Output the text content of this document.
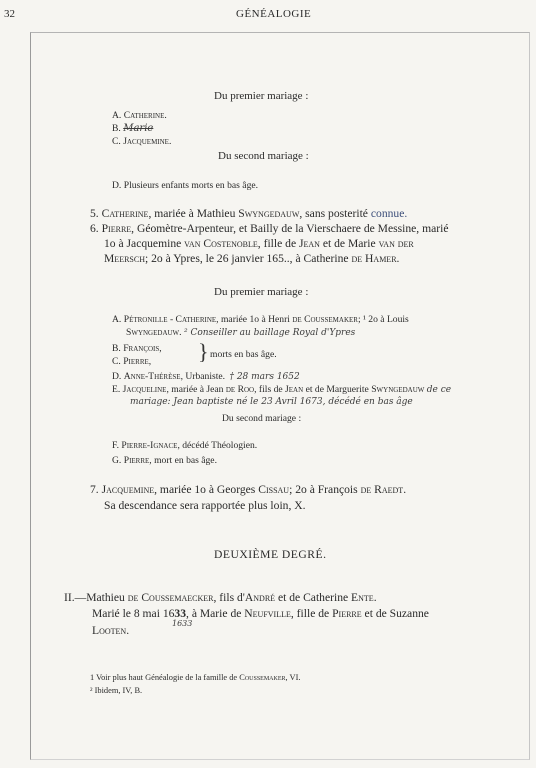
32	GÉNÉALOGIE
Du premier mariage :
A. Catherine.
B. Marie
C. Jacquemine.
Du second mariage :
D. Plusieurs enfants morts en bas âge.
5. Catherine, mariée à Mathieu Swyngedauw, sans posterité connue.
6. Pierre, Géomètre-Arpenteur, et Bailly de la Vierschaere de Messine, marié
1o à Jacquemine van Costenoble, fille de Jean et de Marie van der
Meersch; 2o à Ypres, le 26 janvier 165.., à Catherine de Hamer.
Du premier mariage :
A. Pétronille - Catherine, mariée 1o à Henri de Coussemaker; ¹ 2o à Louis
Swyngedauw. ² Conseiller au baillage Royal d'Ypres
B. François,
C. Pierre, } morts en bas âge.
D. Anne-Thérèse, Urbaniste. † 28 mars 1652
E. Jacqueline, mariée à Jean de Roo, fils de Jean et de Marguerite Swyngedauw de ce
mariage: Jean baptiste né le 23 Avril 1673, décédé en bas âge
Du second mariage :
F. Pierre-Ignace, décédé Théologien.
G. Pierre, mort en bas âge.
7. Jacquemine, mariée 1o à Georges Cissau; 2o à François de Raedt.
Sa descendance sera rapportée plus loin, X.
DEUXIÈME DEGRÉ.
II.—Mathieu de Coussemaecker, fils d'André et de Catherine Ente.
Marié le 8 mai 1633, à Marie de Neufville, fille de Pierre et de Suzanne
1633
Looten.
1 Voir plus haut Généalogie de la famille de Coussemaker, VI.
² Ibidem, IV, B.
